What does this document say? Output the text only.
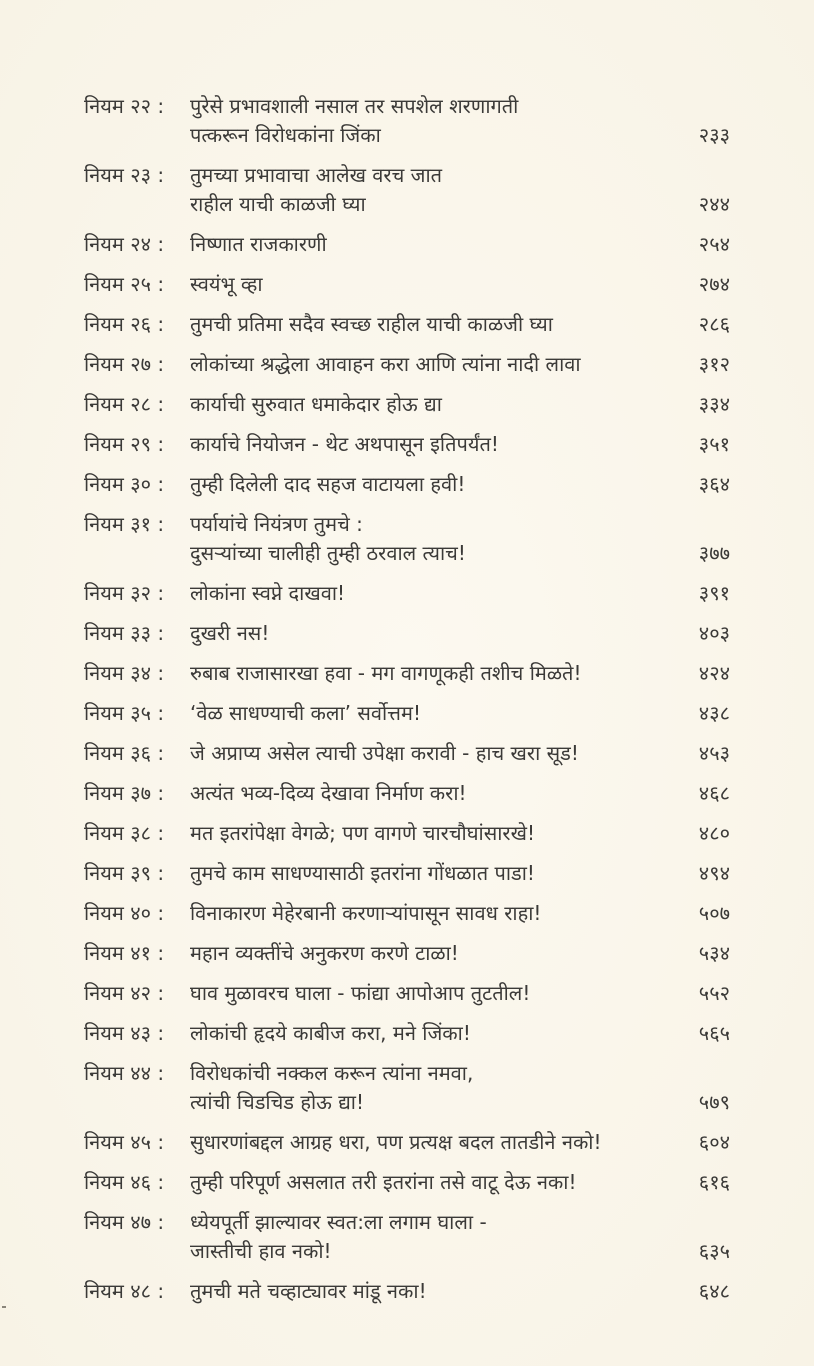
नियम २२ :	पुरेसे प्रभावशाली नसाल तर सपशेल शरणागती
पत्करून विरोधकांना जिंका	२३३
नियम २३ :	तुमच्या प्रभावाचा आलेख वरच जात
राहील याची काळजी घ्या	२४४
नियम २४ :	निष्णात राजकारणी	२५४
नियम २५ :	स्वयंभू व्हा	२७४
नियम २६ :	तुमची प्रतिमा सदैव स्वच्छ राहील याची काळजी घ्या	२८६
नियम २७ :	लोकांच्या श्रद्धेला आवाहन करा आणि त्यांना नादी लावा	३१२
नियम २८ :	कार्याची सुरुवात धमाकेदार होऊ द्या	३३४
नियम २९ :	कार्याचे नियोजन - थेट अथपासून इतिपर्यंत!	३५१
नियम ३० :	तुम्ही दिलेली दाद सहज वाटायला हवी!	३६४
नियम ३१ :	पर्यायांचे नियंत्रण तुमचे :
दुसऱ्यांच्या चालीही तुम्ही ठरवाल त्याच!	३७७
नियम ३२ :	लोकांना स्वप्ने दाखवा!	३९१
नियम ३३ :	दुखरी नस!	४०३
नियम ३४ :	रुबाब राजासारखा हवा - मग वागणूकही तशीच मिळते!	४२४
नियम ३५ :	‘वेळ साधण्याची कला’ सर्वोत्तम!	४३८
नियम ३६ :	जे अप्राप्य असेल त्याची उपेक्षा करावी - हाच खरा सूड!	४५३
नियम ३७ :	अत्यंत भव्य-दिव्य देखावा निर्माण करा!	४६८
नियम ३८ :	मत इतरांपेक्षा वेगळे; पण वागणे चारचौघांसारखे!	४८०
नियम ३९ :	तुमचे काम साधण्यासाठी इतरांना गोंधळात पाडा!	४९४
नियम ४० :	विनाकारण मेहेरबानी करणाऱ्यांपासून सावध राहा!	५०७
नियम ४१ :	महान व्यक्तींचे अनुकरण करणे टाळा!	५३४
नियम ४२ :	घाव मुळावरच घाला - फांद्या आपोआप तुटतील!	५५२
नियम ४३ :	लोकांची हृदये काबीज करा, मने जिंका!	५६५
नियम ४४ :	विरोधकांची नक्कल करून त्यांना नमवा,
त्यांची चिडचिड होऊ द्या!	५७९
नियम ४५ :	सुधारणांबद्दल आग्रह धरा, पण प्रत्यक्ष बदल तातडीने नको!	६०४
नियम ४६ :	तुम्ही परिपूर्ण असलात तरी इतरांना तसे वाटू देऊ नका!	६१६
नियम ४७ :	ध्येयपूर्ती झाल्यावर स्वत:ला लगाम घाला -
जास्तीची हाव नको!	६३५
नियम ४८ :	तुमची मते चव्हाट्यावर मांडू नका!	६४८
